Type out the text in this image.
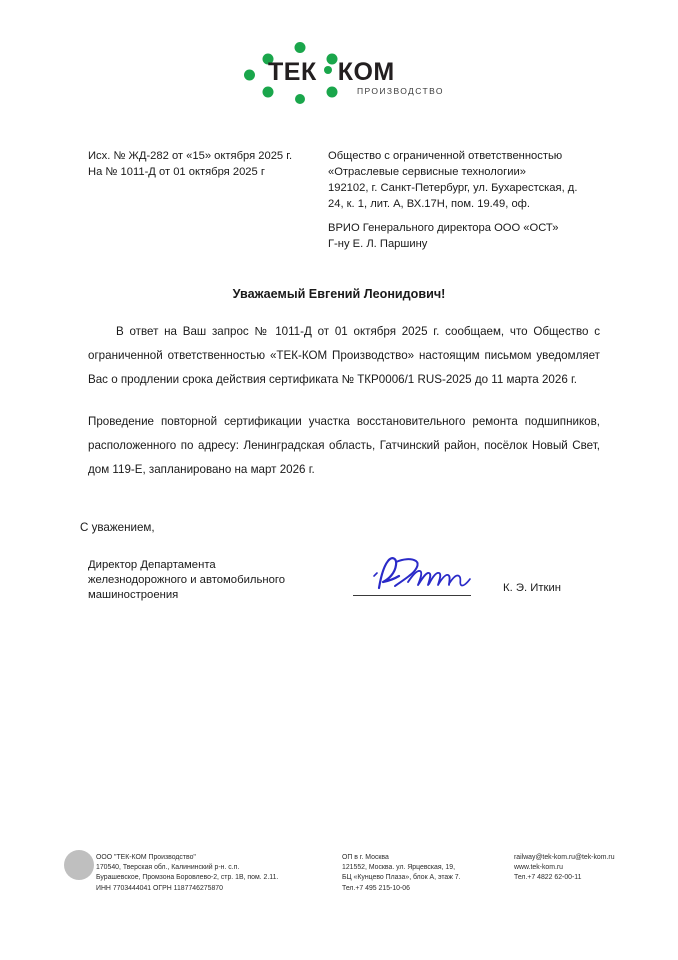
ТЕК КОМ
ПРОИЗВОДСТВО
Исх. № ЖД-282 от «15» октября 2025 г.
На № 1011-Д от 01 октября 2025 г
Общество с ограниченной ответственностью
«Отраслевые сервисные технологии»
192102, г. Санкт-Петербург, ул. Бухарестская, д.
24, к. 1, лит. А, ВХ.17Н, пом. 19.49, оф.
ВРИО Генерального директора ООО «ОСТ»
Г-ну Е. Л. Паршину
Уважаемый Евгений Леонидович!

В ответ на Ваш запрос № 1011-Д от 01 октября 2025 г. сообщаем, что Общество с ограниченной ответственностью «ТЕК-КОМ Производство» настоящим письмом уведомляет Вас о продлении срока действия сертификата № ТКР0006/1 RUS-2025 до 11 марта 2026 г.

Проведение повторной сертификации участка восстановительного ремонта подшипников, расположенного по адресу: Ленинградская область, Гатчинский район, посёлок Новый Свет, дом 119-Е, запланировано на март 2026 г.

С уважением,
Директор Департамента
железнодорожного и автомобильного
машиностроения
К. Э. Иткин
ООО "ТЕК-КОМ Производство"
170540, Тверская обл., Калининский р-н. с.п.
Бурашевское, Промзона Боровлево-2, стр. 1В, пом. 2.11.
ИНН 7703444041 ОГРН 1187746275870
ОП в г. Москва
121552, Москва. ул. Ярцевская, 19,
БЦ «Кунцево Плаза», блок А, этаж 7.
Тел.+7 495 215-10-06
railway@tek-kom.ru@tek-kom.ru
www.tek-kom.ru
Тел.+7 4822 62-00-11
